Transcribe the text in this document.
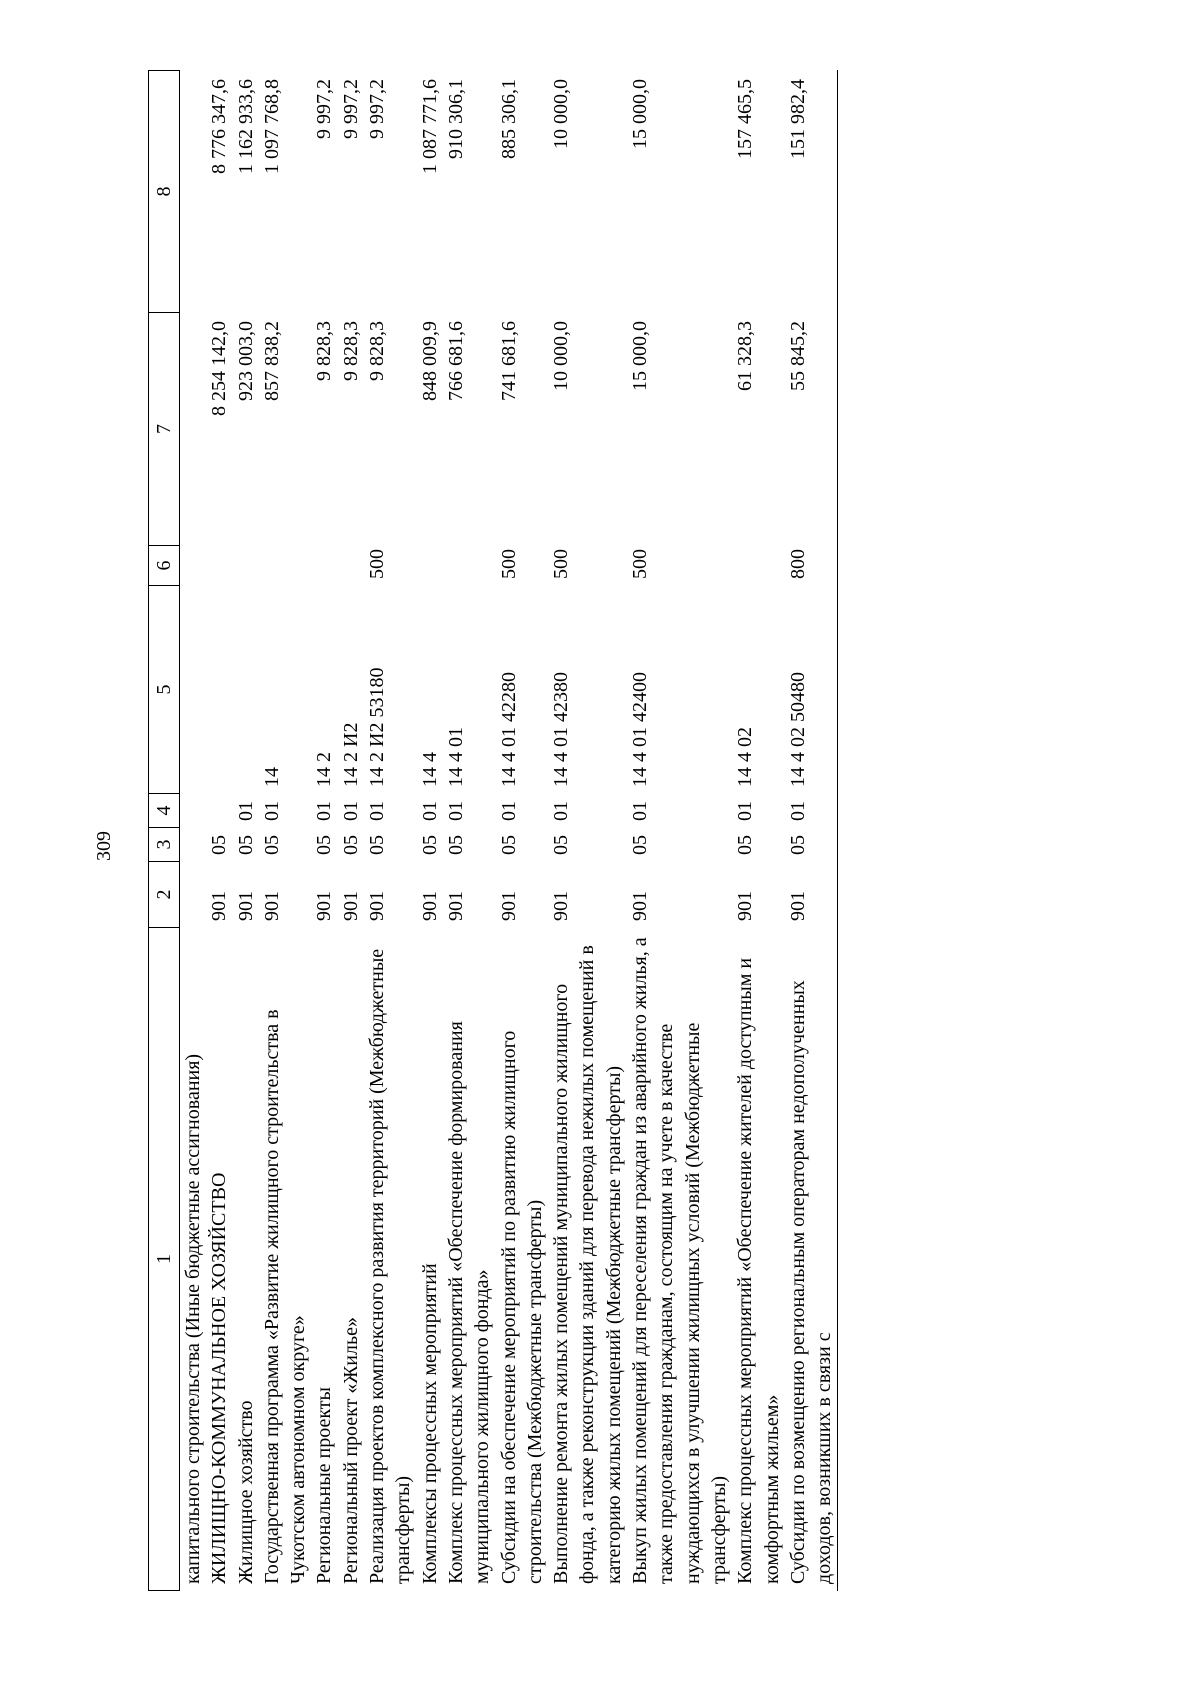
309
1	2	3	4	5	6	7	8
капитального строительства (Иные бюджетные ассигнования)							
ЖИЛИЩНО-КОММУНАЛЬНОЕ ХОЗЯЙСТВО	901	05				8 254 142,0	8 776 347,6
Жилищное хозяйство	901	05	01			923 003,0	1 162 933,6
Государственная программа «Развитие жилищного строительства в Чукотском автономном округе»	901	05	01	14		857 838,2	1 097 768,8
Региональные проекты	901	05	01	14 2		9 828,3	9 997,2
Региональный проект «Жилье»	901	05	01	14 2 И2		9 828,3	9 997,2
Реализация проектов комплексного развития территорий (Межбюджетные трансферты)	901	05	01	14 2 И2 53180	500	9 828,3	9 997,2
Комплексы процессных мероприятий	901	05	01	14 4		848 009,9	1 087 771,6
Комплекс процессных мероприятий «Обеспечение формирования муниципального жилищного фонда»	901	05	01	14 4 01		766 681,6	910 306,1
Субсидии на обеспечение мероприятий по развитию жилищного строительства (Межбюджетные трансферты)	901	05	01	14 4 01 42280	500	741 681,6	885 306,1
Выполнение ремонта жилых помещений муниципального жилищного фонда, а также реконструкции зданий для перевода нежилых помещений в категорию жилых помещений (Межбюджетные трансферты)	901	05	01	14 4 01 42380	500	10 000,0	10 000,0
Выкуп жилых помещений для переселения граждан из аварийного жилья, а также предоставления гражданам, состоящим на учете в качестве нуждающихся в улучшении жилищных условий (Межбюджетные трансферты)	901	05	01	14 4 01 42400	500	15 000,0	15 000,0
Комплекс процессных мероприятий «Обеспечение жителей доступным и комфортным жильем»	901	05	01	14 4 02		61 328,3	157 465,5
Субсидии по возмещению региональным операторам недополученных доходов, возникших в связи с	901	05	01	14 4 02 50480	800	55 845,2	151 982,4
